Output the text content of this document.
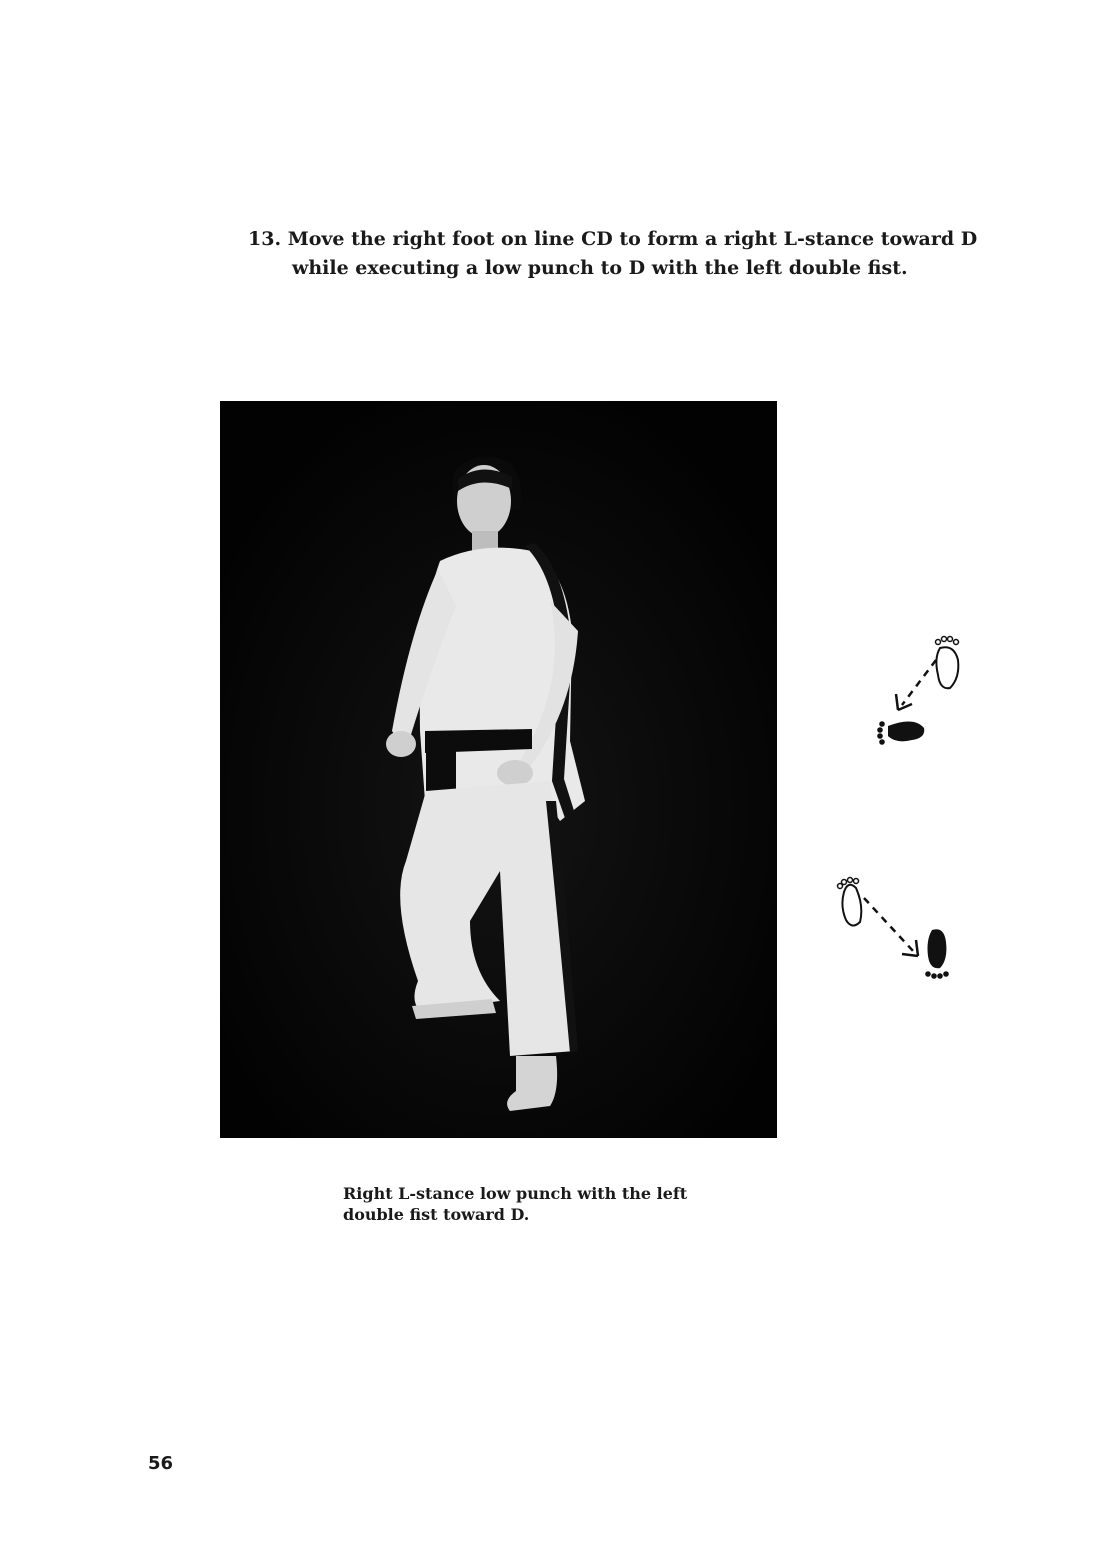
13. Move the right foot on line CD to form a right L-stance toward D while executing a low punch to D with the left double fist.

Right L-stance low punch with the left double fist toward D.

56
